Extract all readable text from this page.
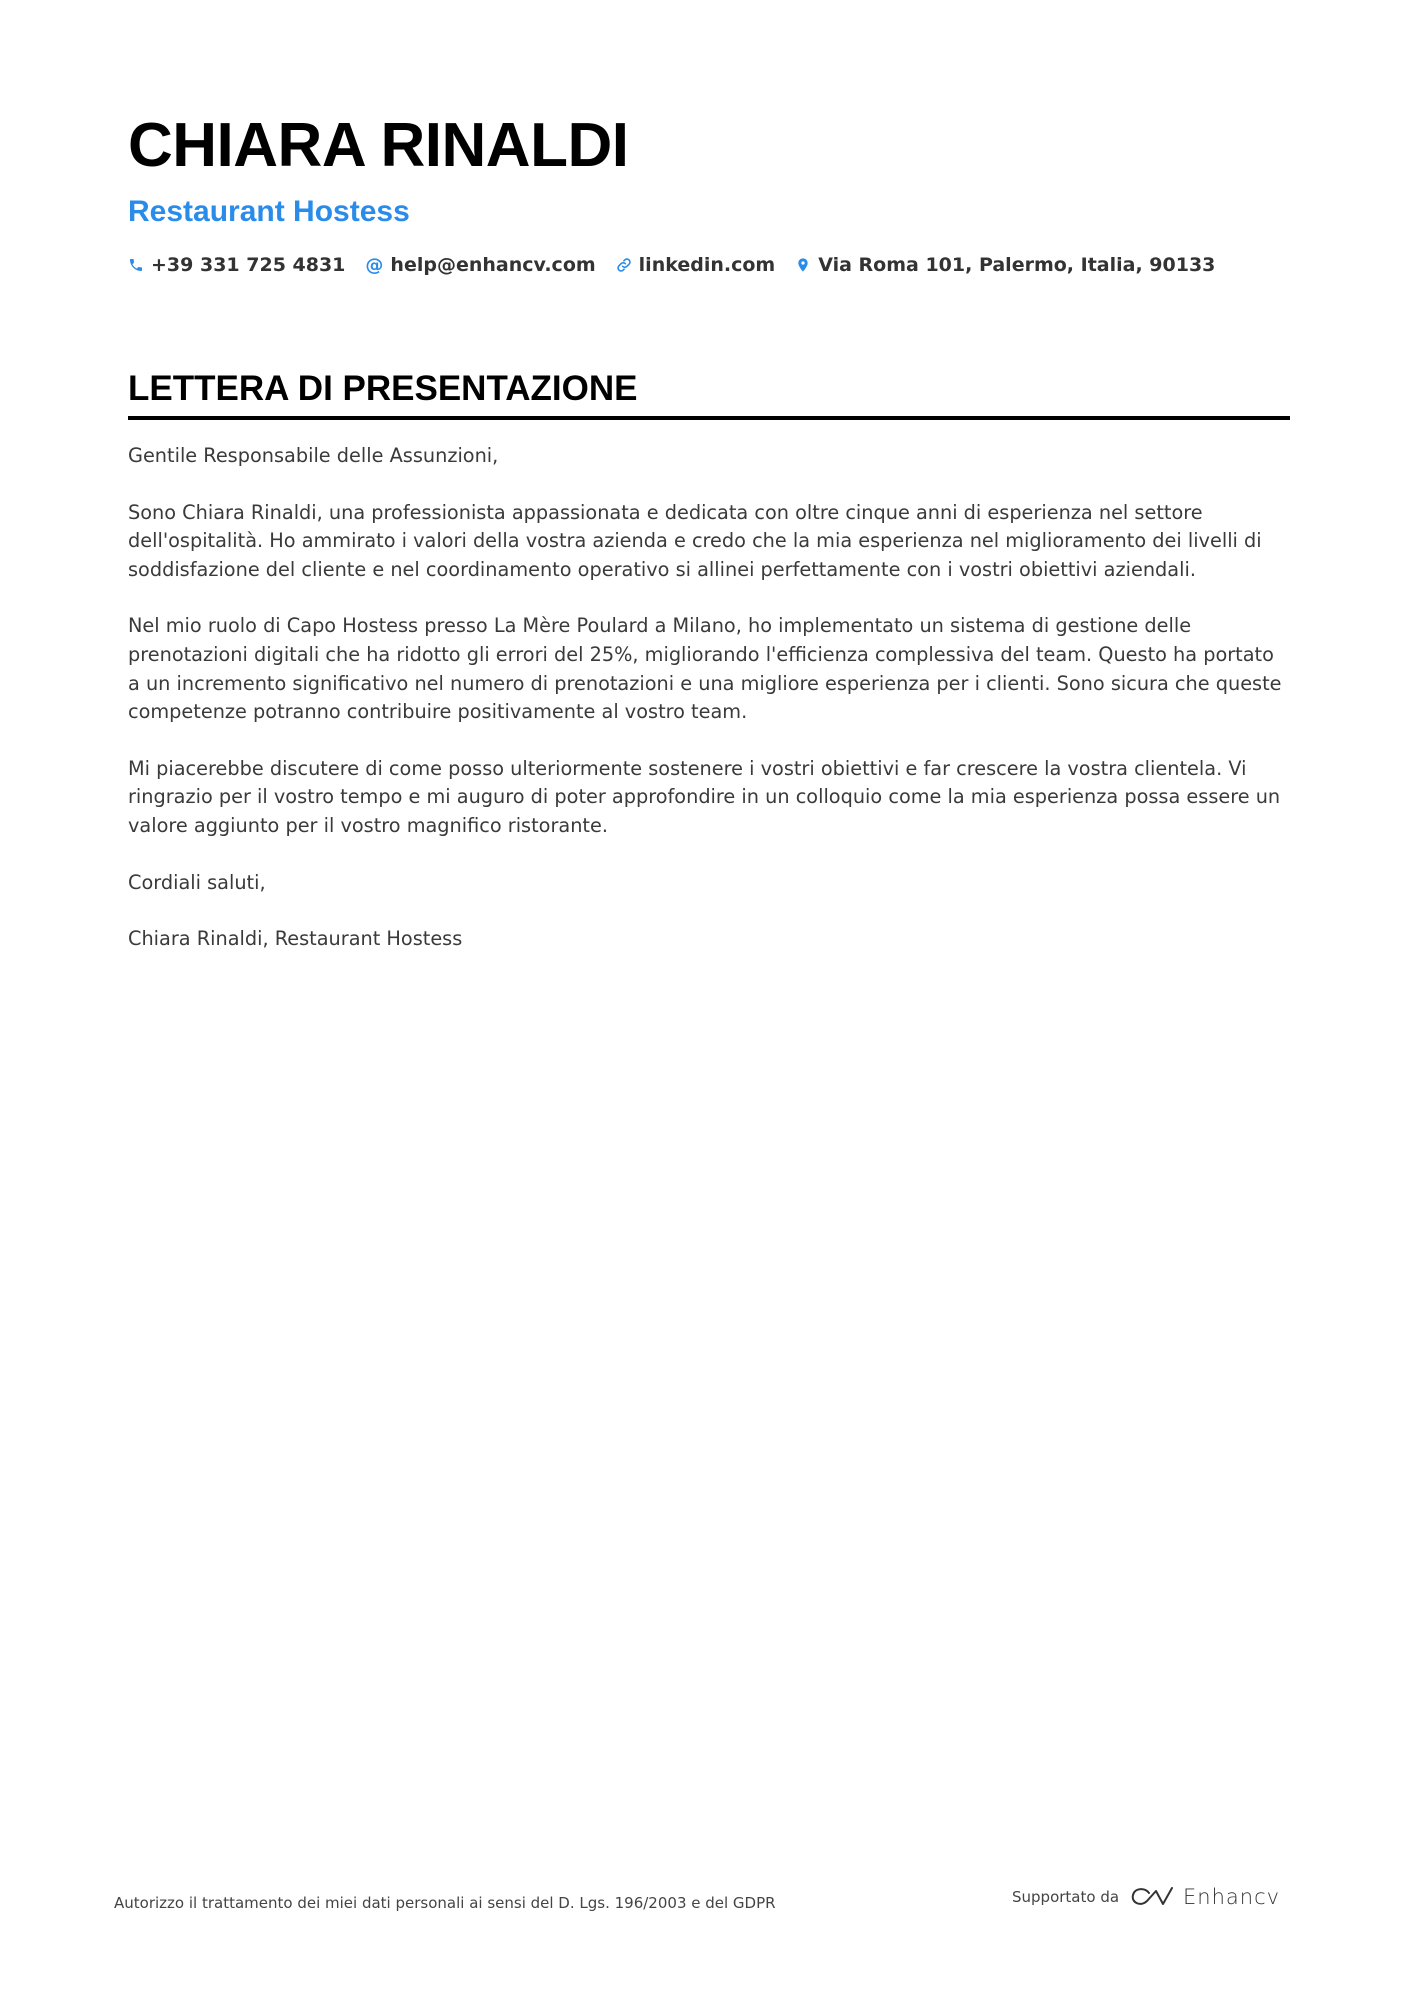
CHIARA RINALDI
Restaurant Hostess
+39 331 725 4831 @ help@enhancv.com linkedin.com Via Roma 101, Palermo, Italia, 90133
LETTERA DI PRESENTAZIONE

Gentile Responsabile delle Assunzioni,

Sono Chiara Rinaldi, una professionista appassionata e dedicata con oltre cinque anni di esperienza nel settore dell'ospitalità. Ho ammirato i valori della vostra azienda e credo che la mia esperienza nel miglioramento dei livelli di soddisfazione del cliente e nel coordinamento operativo si allinei perfettamente con i vostri obiettivi aziendali.

Nel mio ruolo di Capo Hostess presso La Mère Poulard a Milano, ho implementato un sistema di gestione delle prenotazioni digitali che ha ridotto gli errori del 25%, migliorando l'efficienza complessiva del team. Questo ha portato a un incremento significativo nel numero di prenotazioni e una migliore esperienza per i clienti. Sono sicura che queste competenze potranno contribuire positivamente al vostro team.

Mi piacerebbe discutere di come posso ulteriormente sostenere i vostri obiettivi e far crescere la vostra clientela. Vi ringrazio per il vostro tempo e mi auguro di poter approfondire in un colloquio come la mia esperienza possa essere un valore aggiunto per il vostro magnifico ristorante.

Cordiali saluti,

Chiara Rinaldi, Restaurant Hostess

Autorizzo il trattamento dei miei dati personali ai sensi del D. Lgs. 196/2003 e del GDPR	Supportato da	Enhancv
